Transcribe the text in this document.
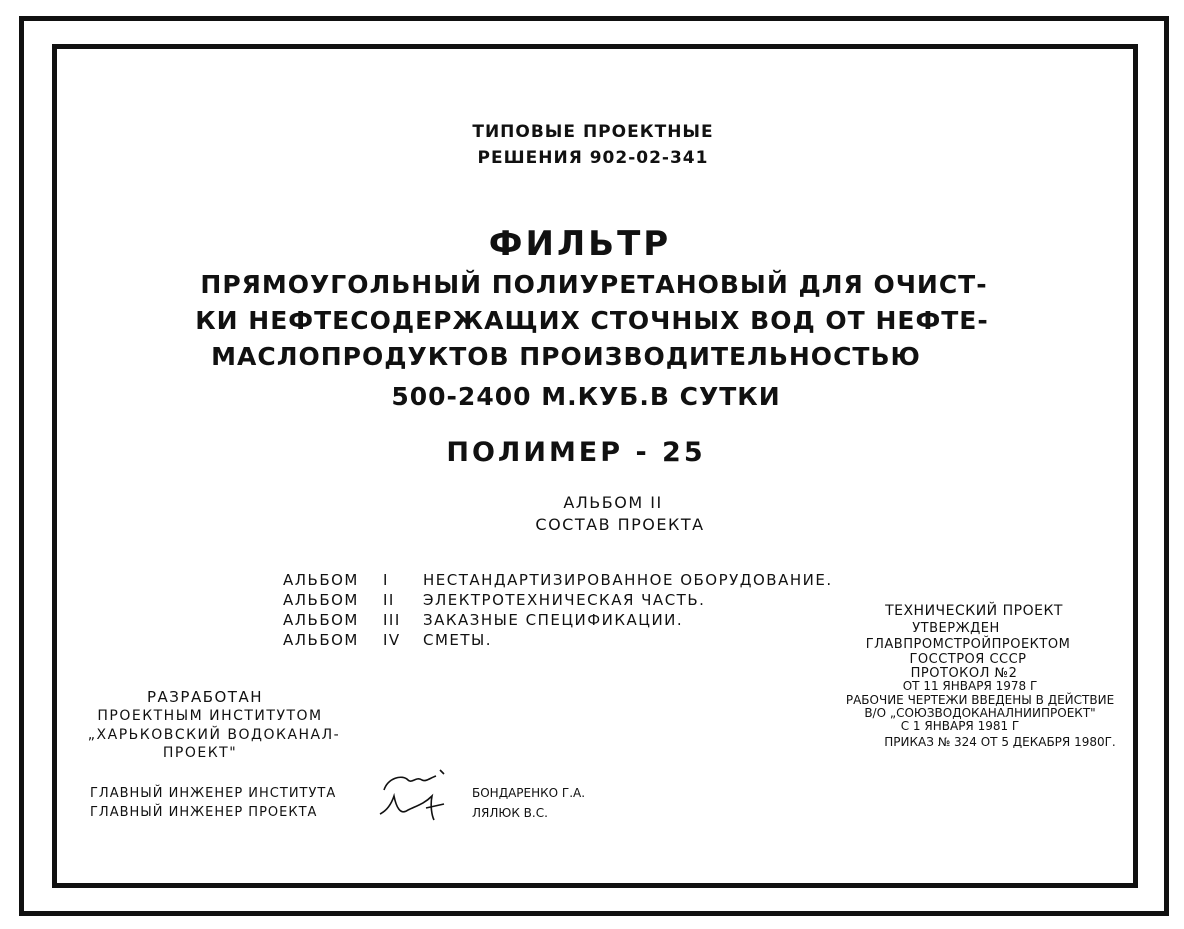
ТИПОВЫЕ ПРОЕКТНЫЕ
РЕШЕНИЯ 902-02-341
ФИЛЬТР
ПРЯМОУГОЛЬНЫЙ ПОЛИУРЕТАНОВЫЙ ДЛЯ ОЧИСТ-
КИ НЕФТЕСОДЕРЖАЩИХ СТОЧНЫХ ВОД ОТ НЕФТЕ-
МАСЛОПРОДУКТОВ ПРОИЗВОДИТЕЛЬНОСТЬЮ
500-2400 М.КУБ.В СУТКИ
ПОЛИМЕР - 25
АЛЬБОМ II
СОСТАВ ПРОЕКТА
АЛЬБОМ	I	НЕСТАНДАРТИЗИРОВАННОЕ ОБОРУДОВАНИЕ.
АЛЬБОМ	II	ЭЛЕКТРОТЕХНИЧЕСКАЯ ЧАСТЬ.
АЛЬБОМ	III	ЗАКАЗНЫЕ СПЕЦИФИКАЦИИ.
АЛЬБОМ	IV	СМЕТЫ.
ТЕХНИЧЕСКИЙ ПРОЕКТ
УТВЕРЖДЕН
ГЛАВПРОМСТРОЙПРОЕКТОМ
ГОССТРОЯ СССР
ПРОТОКОЛ №2
ОТ 11 ЯНВАРЯ 1978 Г
РАБОЧИЕ ЧЕРТЕЖИ ВВЕДЕНЫ В ДЕЙСТВИЕ
В/О „СОЮЗВОДОКАНАЛНИИПРОЕКТ"
С 1 ЯНВАРЯ 1981 Г
ПРИКАЗ № 324 ОТ 5 ДЕКАБРЯ 1980Г.
РАЗРАБОТАН
ПРОЕКТНЫМ ИНСТИТУТОМ
„ХАРЬКОВСКИЙ ВОДОКАНАЛ-
ПРОЕКТ"
ГЛАВНЫЙ ИНЖЕНЕР ИНСТИТУТА
ГЛАВНЫЙ ИНЖЕНЕР ПРОЕКТА
БОНДАРЕНКО Г.А.
ЛЯЛЮК В.С.
